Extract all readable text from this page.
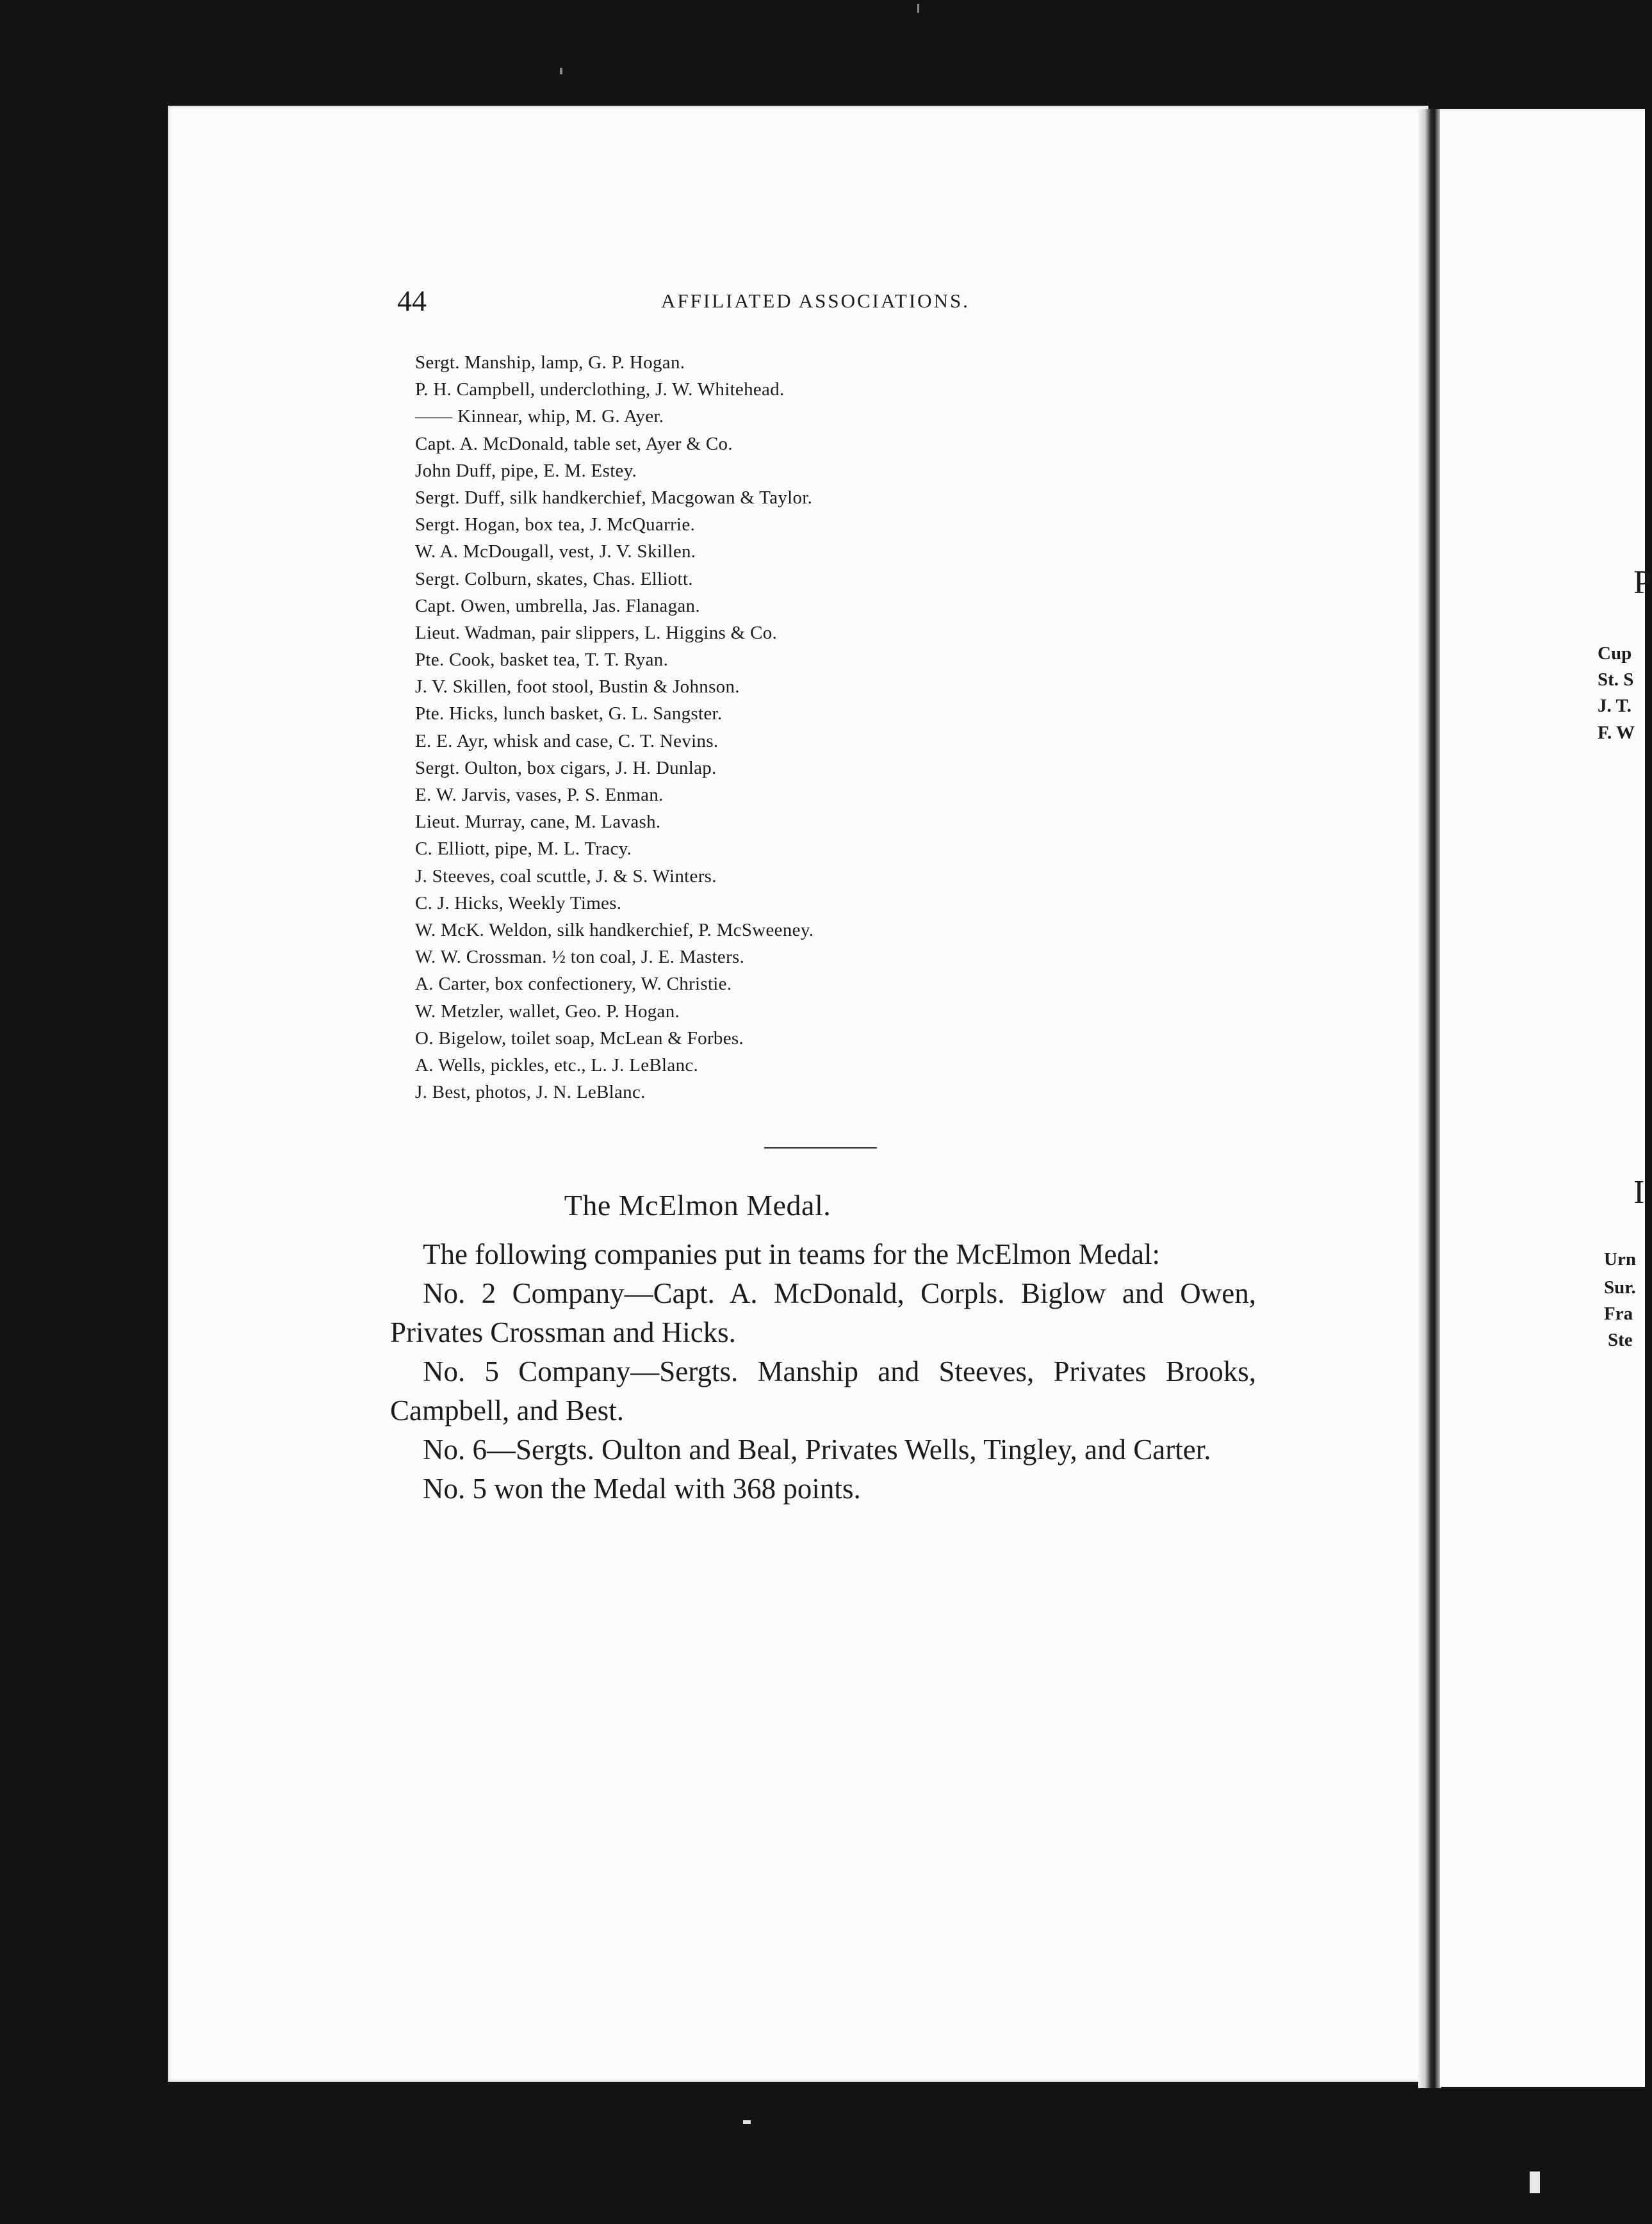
44	AFFILIATED ASSOCIATIONS.
Sergt. Manship, lamp, G. P. Hogan.
P. H. Campbell, underclothing, J. W. Whitehead.
—— Kinnear, whip, M. G. Ayer.
Capt. A. McDonald, table set, Ayer & Co.
John Duff, pipe, E. M. Estey.
Sergt. Duff, silk handkerchief, Macgowan & Taylor.
Sergt. Hogan, box tea, J. McQuarrie.
W. A. McDougall, vest, J. V. Skillen.
Sergt. Colburn, skates, Chas. Elliott.
Capt. Owen, umbrella, Jas. Flanagan.
Lieut. Wadman, pair slippers, L. Higgins & Co.
Pte. Cook, basket tea, T. T. Ryan.
J. V. Skillen, foot stool, Bustin & Johnson.
Pte. Hicks, lunch basket, G. L. Sangster.
E. E. Ayr, whisk and case, C. T. Nevins.
Sergt. Oulton, box cigars, J. H. Dunlap.
E. W. Jarvis, vases, P. S. Enman.
Lieut. Murray, cane, M. Lavash.
C. Elliott, pipe, M. L. Tracy.
J. Steeves, coal scuttle, J. & S. Winters.
C. J. Hicks, Weekly Times.
W. McK. Weldon, silk handkerchief, P. McSweeney.
W. W. Crossman. ½ ton coal, J. E. Masters.
A. Carter, box confectionery, W. Christie.
W. Metzler, wallet, Geo. P. Hogan.
O. Bigelow, toilet soap, McLean & Forbes.
A. Wells, pickles, etc., L. J. LeBlanc.
J. Best, photos, J. N. LeBlanc.
The McElmon Medal.

The following companies put in teams for the McElmon Medal:

No. 2 Company—Capt. A. McDonald, Corpls. Biglow and Owen, Privates Crossman and Hicks.

No. 5 Company—Sergts. Manship and Steeves, Privates Brooks, Campbell, and Best.

No. 6—Sergts. Oulton and Beal, Privates Wells, Tingley, and Carter.

No. 5 won the Medal with 368 points.

P
Cup
St. S
J. T.
F. W
I
Urn
Sur.
Fra
Ste
